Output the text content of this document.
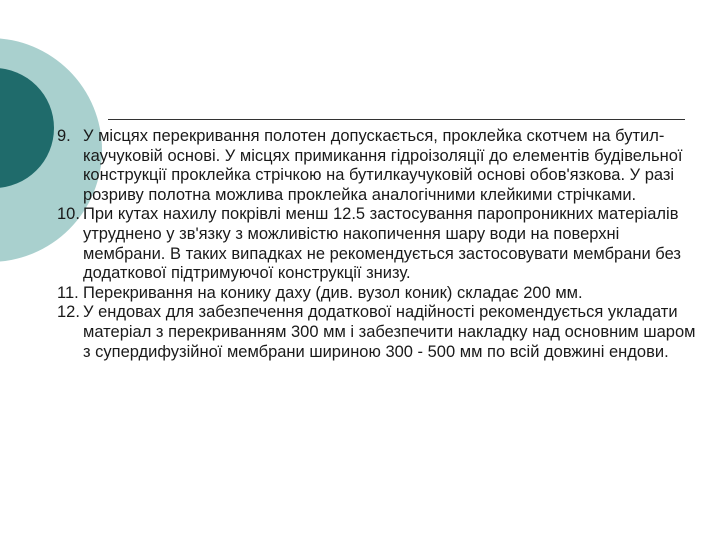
9. У місцях перекривання полотен допускається, проклейка скотчем на бутил-каучуковій основі. У місцях примикання гідроізоляції до елементів будівельної конструкції проклейка стрічкою на бутилкаучуковій основі обов'язкова. У разі розриву полотна можлива проклейка аналогічними клейкими стрічками.
10. При кутах нахилу покрівлі менш 12.5 застосування паропроникних матеріалів утруднено у зв'язку з можливістю накопичення шару води на поверхні мембрани. В таких випадках не рекомендується застосовувати мембрани без додаткової підтримуючої конструкції знизу.
11. Перекривання на конику даху (див. вузол коник) складає 200 мм.
12. У ендовах для забезпечення додаткової надійності рекомендується укладати матеріал з перекриванням 300 мм і забезпечити накладку над основним шаром з супердифузійної мембрани шириною 300 - 500 мм по всій довжині ендови.
